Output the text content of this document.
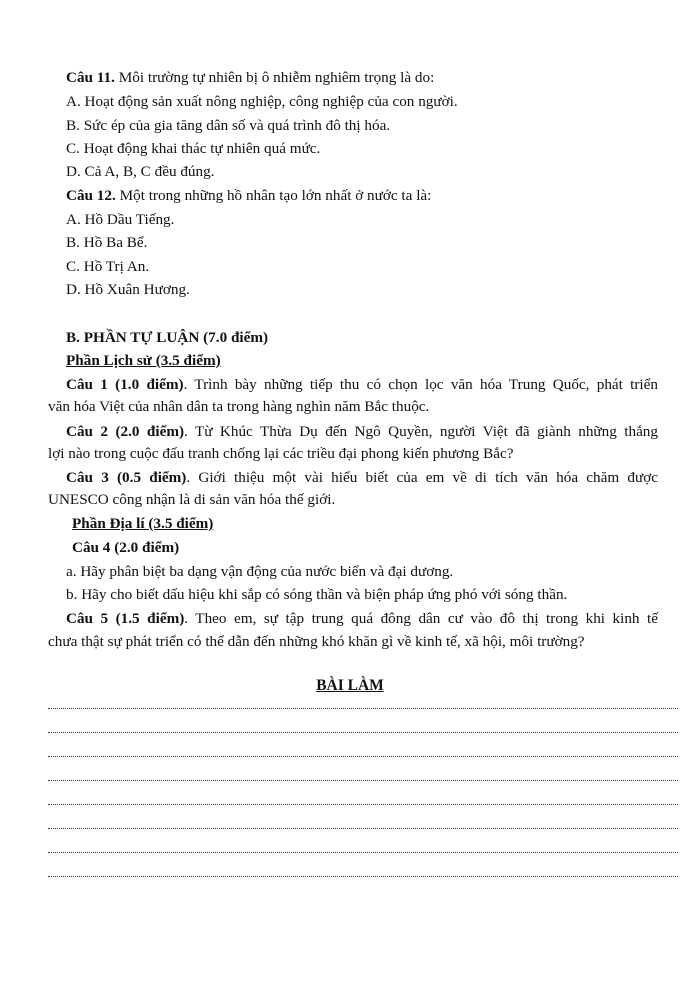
Câu 11. Môi trường tự nhiên bị ô nhiễm nghiêm trọng là do:
A. Hoạt động sản xuất nông nghiệp, công nghiệp của con người.
B. Sức ép của gia tăng dân số và quá trình đô thị hóa.
C. Hoạt động khai thác tự nhiên quá mức.
D. Cả A, B, C đều đúng.
Câu 12. Một trong những hồ nhân tạo lớn nhất ở nước ta là:
A. Hồ Dầu Tiếng.
B. Hồ Ba Bể.
C. Hồ Trị An.
D. Hồ Xuân Hương.
B. PHẦN TỰ LUẬN (7.0 điểm)
Phần Lịch sử (3.5 điểm)
Câu 1 (1.0 điểm). Trình bày những tiếp thu có chọn lọc văn hóa Trung Quốc, phát triển
văn hóa Việt của nhân dân ta trong hàng nghìn năm Bắc thuộc.
Câu 2 (2.0 điểm). Từ Khúc Thừa Dụ đến Ngô Quyền, người Việt đã giành những thắng
lợi nào trong cuộc đấu tranh chống lại các triều đại phong kiến phương Bắc?
Câu 3 (0.5 điểm). Giới thiệu một vài hiểu biết của em về di tích văn hóa chăm được
UNESCO công nhận là di sản văn hóa thế giới.
Phần Địa lí (3.5 điểm)
Câu 4 (2.0 điểm)
a. Hãy phân biệt ba dạng vận động của nước biển và đại dương.
b. Hãy cho biết dấu hiệu khi sắp có sóng thần và biện pháp ứng phó với sóng thần.
Câu 5 (1.5 điểm). Theo em, sự tập trung quá đông dân cư vào đô thị trong khi kinh tế
chưa thật sự phát triển có thể dẫn đến những khó khăn gì về kinh tế, xã hội, môi trường?
BÀI LÀM
